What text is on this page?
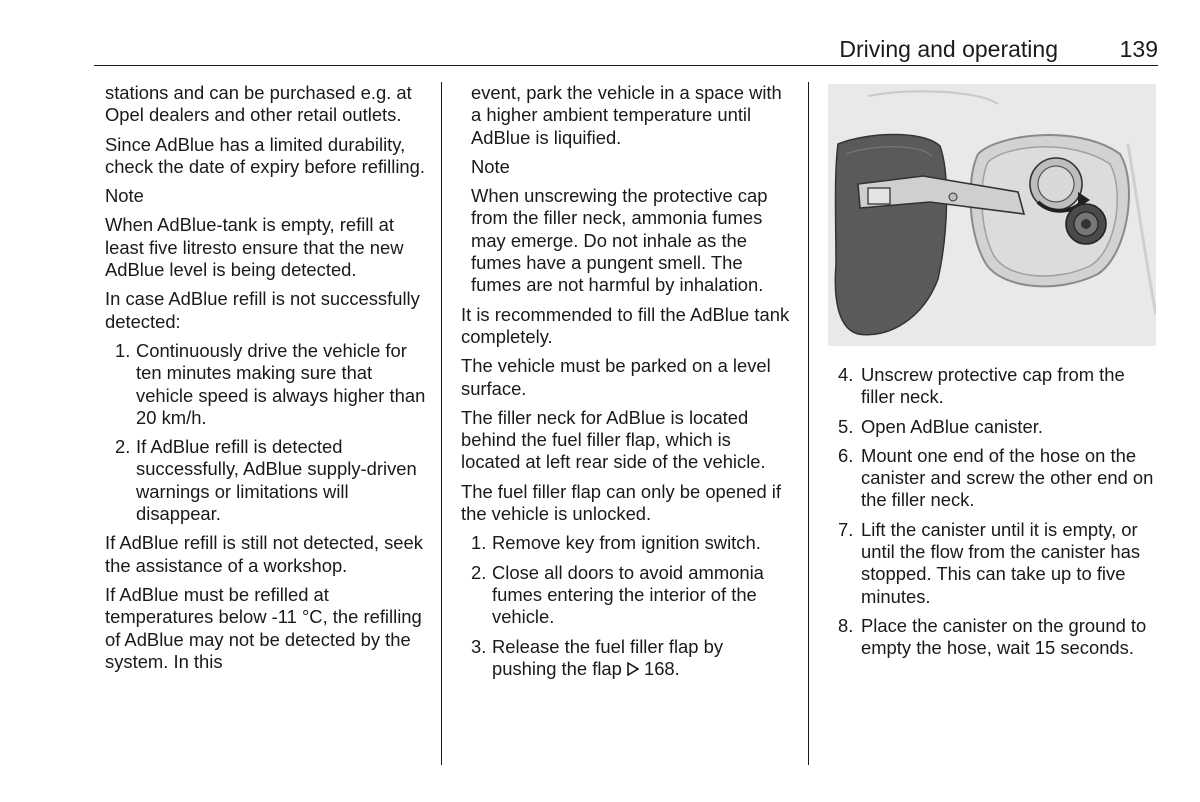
Driving and operating	139

stations and can be purchased e.g. at Opel dealers and other retail outlets.

Since AdBlue has a limited durability, check the date of expiry before refilling.

Note

When AdBlue-tank is empty, refill at least five litresto ensure that the new AdBlue level is being detected.

In case AdBlue refill is not successfully detected:

1. Continuously drive the vehicle for ten minutes making sure that vehicle speed is always higher than 20 km/h.
2. If AdBlue refill is detected successfully, AdBlue supply-driven warnings or limitations will disappear.

If AdBlue refill is still not detected, seek the assistance of a workshop.

If AdBlue must be refilled at temperatures below -11 °C, the refilling of AdBlue may not be detected by the system. In this

event, park the vehicle in a space with a higher ambient temperature until AdBlue is liquified.

Note

When unscrewing the protective cap from the filler neck, ammonia fumes may emerge. Do not inhale as the fumes have a pungent smell. The fumes are not harmful by inhalation.

It is recommended to fill the AdBlue tank completely.

The vehicle must be parked on a level surface.

The filler neck for AdBlue is located behind the fuel filler flap, which is located at left rear side of the vehicle.

The fuel filler flap can only be opened if the vehicle is unlocked.

1. Remove key from ignition switch.
2. Close all doors to avoid ammonia fumes entering the interior of the vehicle.
3. Release the fuel filler flap by pushing the flap 168.
4. Unscrew protective cap from the filler neck.
5. Open AdBlue canister.
6. Mount one end of the hose on the canister and screw the other end on the filler neck.
7. Lift the canister until it is empty, or until the flow from the canister has stopped. This can take up to five minutes.
8. Place the canister on the ground to empty the hose, wait 15 seconds.
